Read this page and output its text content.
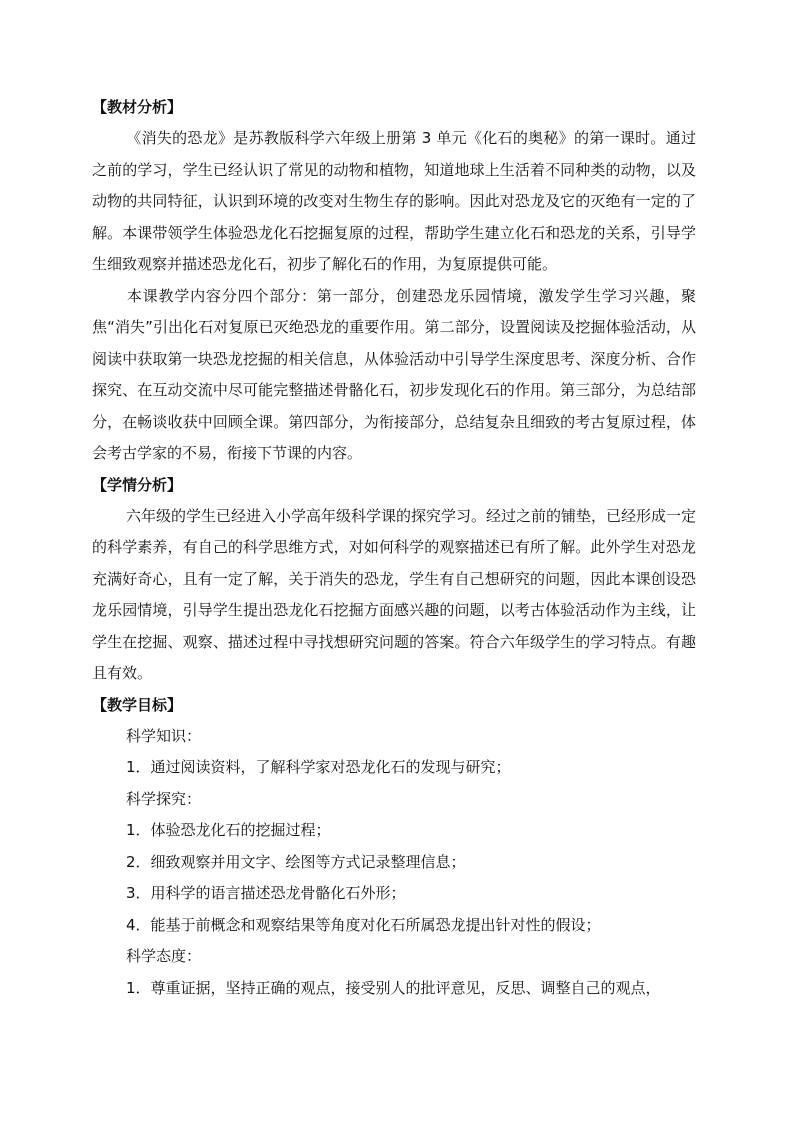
【教材分析】

《消失的恐龙》是苏教版科学六年级上册第 3 单元《化石的奥秘》的第一课时。通过之前的学习，学生已经认识了常见的动物和植物，知道地球上生活着不同种类的动物，以及动物的共同特征，认识到环境的改变对生物生存的影响。因此对恐龙及它的灭绝有一定的了解。本课带领学生体验恐龙化石挖掘复原的过程，帮助学生建立化石和恐龙的关系，引导学生细致观察并描述恐龙化石，初步了解化石的作用，为复原提供可能。

本课教学内容分四个部分：第一部分，创建恐龙乐园情境，激发学生学习兴趣，聚焦“消失”引出化石对复原已灭绝恐龙的重要作用。第二部分，设置阅读及挖掘体验活动，从阅读中获取第一块恐龙挖掘的相关信息，从体验活动中引导学生深度思考、深度分析、合作探究、在互动交流中尽可能完整描述骨骼化石，初步发现化石的作用。第三部分，为总结部分，在畅谈收获中回顾全课。第四部分，为衔接部分，总结复杂且细致的考古复原过程，体会考古学家的不易，衔接下节课的内容。

【学情分析】

六年级的学生已经进入小学高年级科学课的探究学习。经过之前的铺垫，已经形成一定的科学素养，有自己的科学思维方式，对如何科学的观察描述已有所了解。此外学生对恐龙充满好奇心，且有一定了解，关于消失的恐龙，学生有自己想研究的问题，因此本课创设恐龙乐园情境，引导学生提出恐龙化石挖掘方面感兴趣的问题，以考古体验活动作为主线，让学生在挖掘、观察、描述过程中寻找想研究问题的答案。符合六年级学生的学习特点。有趣且有效。

【教学目标】
科学知识：
1．通过阅读资料，了解科学家对恐龙化石的发现与研究；
科学探究：
1．体验恐龙化石的挖掘过程；
2．细致观察并用文字、绘图等方式记录整理信息；
3．用科学的语言描述恐龙骨骼化石外形；
4．能基于前概念和观察结果等角度对化石所属恐龙提出针对性的假设；
科学态度：
1．尊重证据，坚持正确的观点，接受别人的批评意见，反思、调整自己的观点，
